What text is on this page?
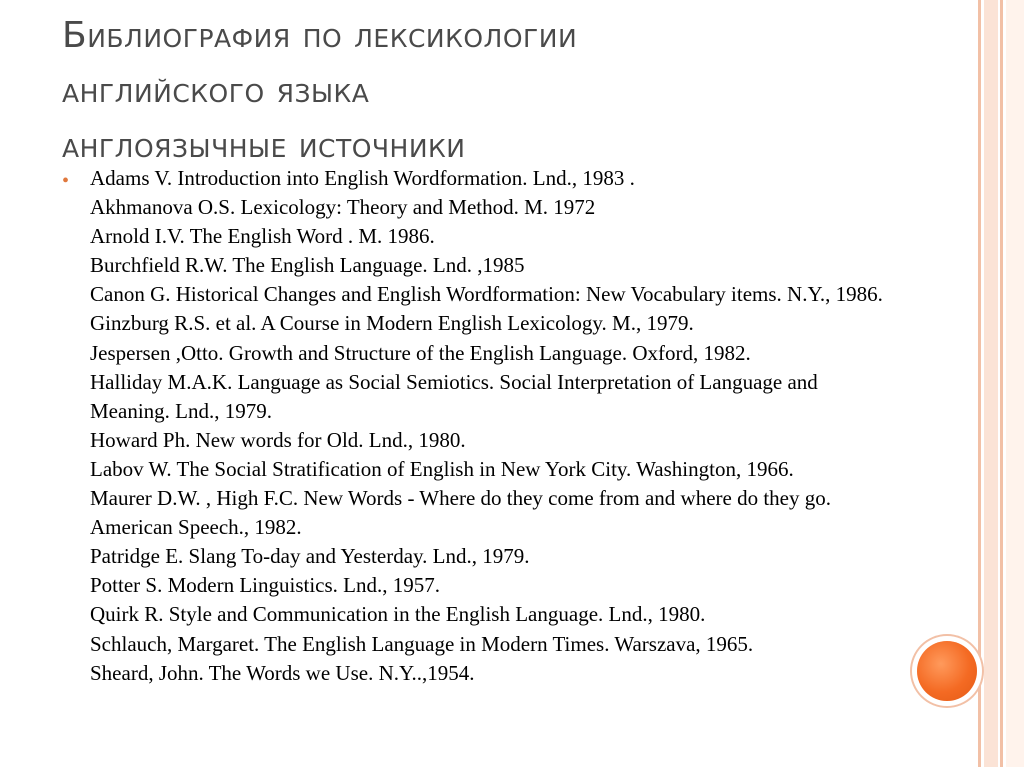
Библиография по лексикологии
английского языка
англоязычные источники
• Adams V. Introduction into English Wordformation. Lnd., 1983 .
Akhmanova O.S. Lexicology: Theory and Method. M. 1972
Arnold I.V. The English Word . M. 1986.
Burchfield R.W. The English Language. Lnd. ,1985
Canon G. Historical Changes and English Wordformation: New Vocabulary items. N.Y., 1986.
Ginzburg R.S. et al. A Course in Modern English Lexicology. M., 1979.
Jespersen ,Otto. Growth and Structure of the English Language. Oxford, 1982.
Halliday M.A.K. Language as Social Semiotics. Social Interpretation of Language and Meaning. Lnd., 1979.
Howard Ph. New words for Old. Lnd., 1980.
Labov W. The Social Stratification of English in New York City. Washington, 1966.
Maurer D.W. , High F.C. New Words - Where do they come from and where do they go. American Speech., 1982.
Patridge E. Slang To-day and Yesterday. Lnd., 1979.
Potter S. Modern Linguistics. Lnd., 1957.
Quirk R. Style and Communication in the English Language. Lnd., 1980.
Schlauch, Margaret. The English Language in Modern Times. Warszava, 1965.
Sheard, John. The Words we Use. N.Y..,1954.
